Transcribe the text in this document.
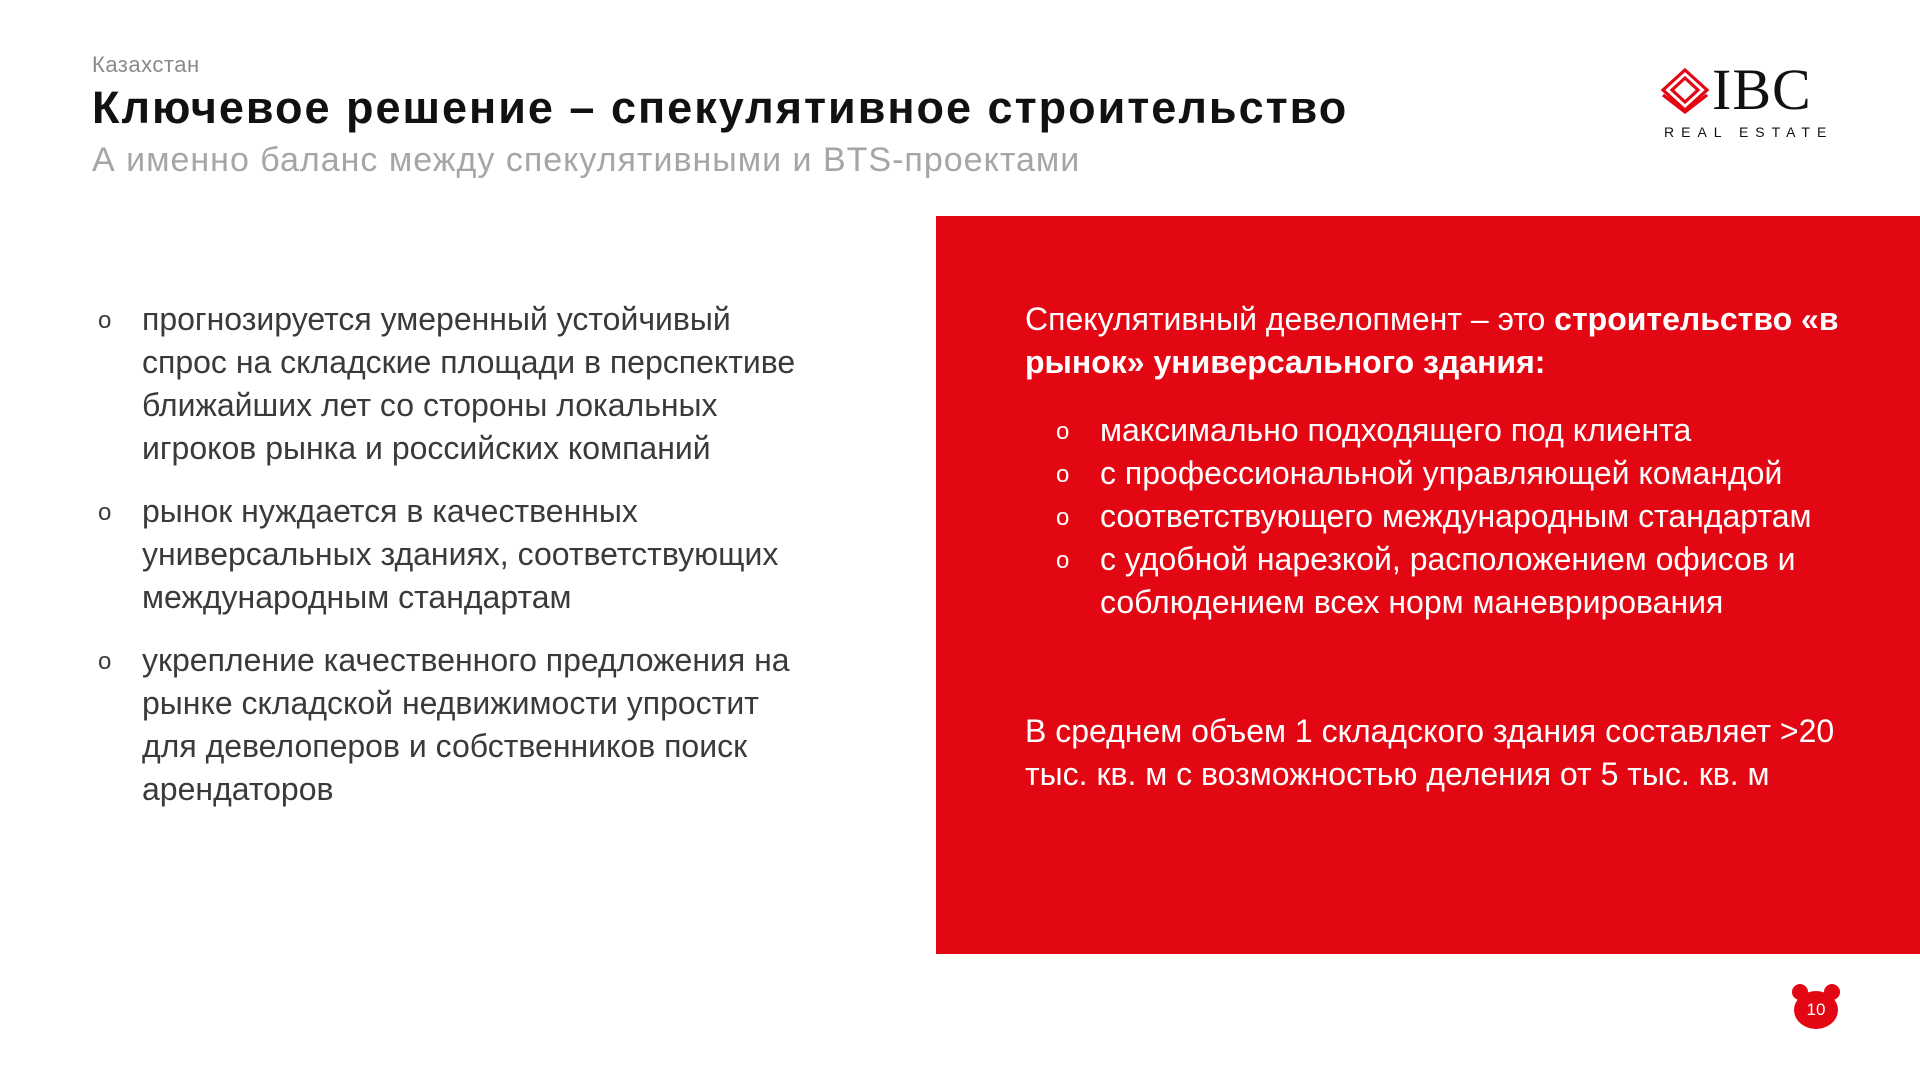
Казахстан
Ключевое решение – спекулятивное строительство
А именно баланс между спекулятивными и BTS-проектами
IBC
REAL ESTATE
o прогнозируется умеренный устойчивый спрос на складские площади в перспективе ближайших лет со стороны локальных игроков рынка и российских компаний
o рынок нуждается в качественных универсальных зданиях, соответствующих международным стандартам
o укрепление качественного предложения на рынке складской недвижимости упростит для девелоперов и собственников поиск арендаторов
Спекулятивный девелопмент – это строительство «в рынок» универсального здания:
o максимально подходящего под клиента
o с профессиональной управляющей командой
o соответствующего международным стандартам
o с удобной нарезкой, расположением офисов и соблюдением всех норм маневрирования
В среднем объем 1 складского здания составляет >20 тыс. кв. м с возможностью деления от 5 тыс. кв. м
10
